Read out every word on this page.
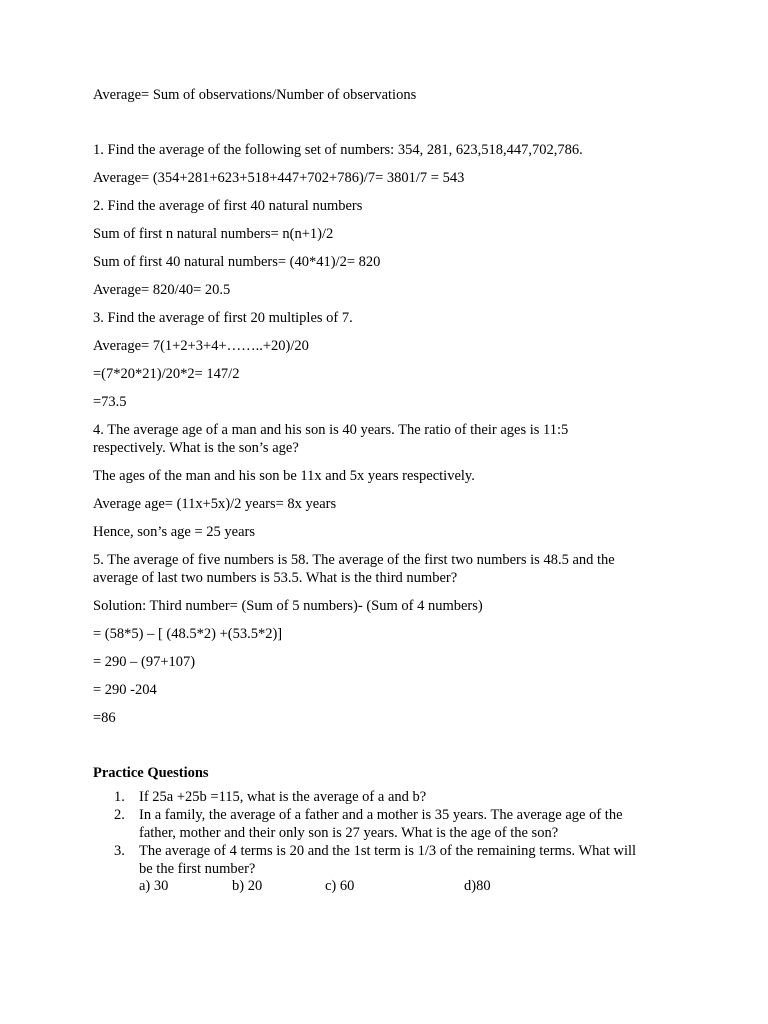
Average= Sum of observations/Number of observations

1. Find the average of the following set of numbers: 354, 281, 623,518,447,702,786.

Average= (354+281+623+518+447+702+786)/7= 3801/7 = 543

2. Find the average of first 40 natural numbers

Sum of first n natural numbers= n(n+1)/2

Sum of first 40 natural numbers= (40*41)/2= 820

Average= 820/40= 20.5

3. Find the average of first 20 multiples of 7.

Average= 7(1+2+3+4+……..+20)/20

=(7*20*21)/20*2= 147/2

=73.5

4. The average age of a man and his son is 40 years. The ratio of their ages is 11:5

respectively. What is the son’s age?

The ages of the man and his son be 11x and 5x years respectively.

Average age= (11x+5x)/2 years= 8x years

Hence, son’s age = 25 years

5. The average of five numbers is 58. The average of the first two numbers is 48.5 and the

average of last two numbers is 53.5. What is the third number?

Solution: Third number= (Sum of 5 numbers)- (Sum of 4 numbers)

= (58*5) – [ (48.5*2) +(53.5*2)]

= 290 – (97+107)

= 290 -204

=86

Practice Questions

1. If 25a +25b =115, what is the average of a and b?
2. In a family, the average of a father and a mother is 35 years. The average age of the
father, mother and their only son is 27 years. What is the age of the son?
3. The average of 4 terms is 20 and the 1st term is 1/3 of the remaining terms. What will
be the first number?
a) 30	b) 20	c) 60	d)80
